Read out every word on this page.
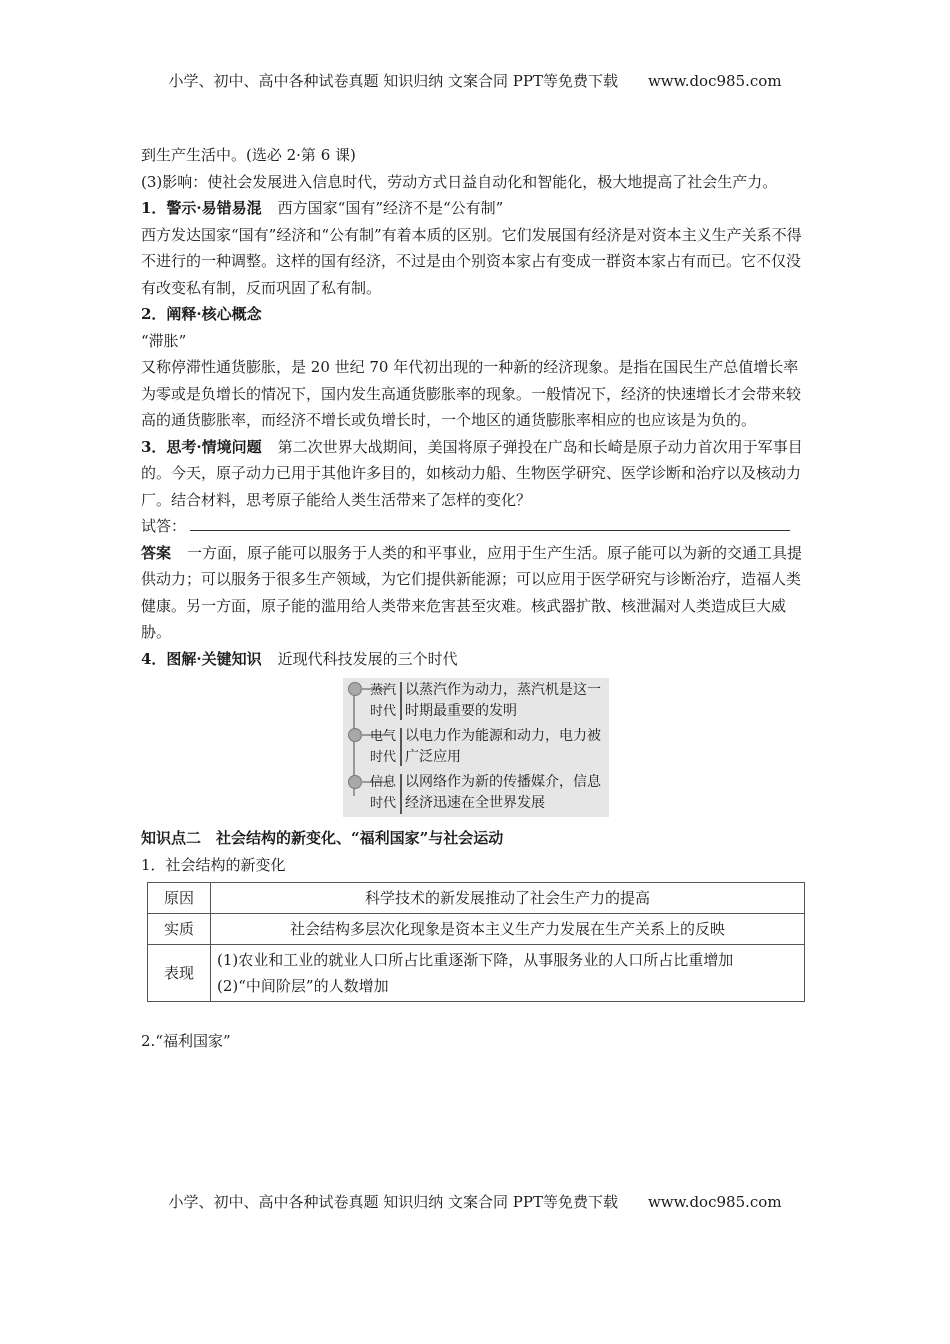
小学、初中、高中各种试卷真题 知识归纳 文案合同 PPT等免费下载 www.doc985.com

到生产生活中。(选必 2·第 6 课)

(3)影响：使社会发展进入信息时代，劳动方式日益自动化和智能化，极大地提高了社会生产力。

1．警示·易错易混 西方国家“国有”经济不是“公有制”

西方发达国家“国有”经济和“公有制”有着本质的区别。它们发展国有经济是对资本主义生产关系不得不进行的一种调整。这样的国有经济，不过是由个别资本家占有变成一群资本家占有而已。它不仅没有改变私有制，反而巩固了私有制。

2．阐释·核心概念

“滞胀”

又称停滞性通货膨胀，是 20 世纪 70 年代初出现的一种新的经济现象。是指在国民生产总值增长率为零或是负增长的情况下，国内发生高通货膨胀率的现象。一般情况下，经济的快速增长才会带来较高的通货膨胀率，而经济不增长或负增长时，一个地区的通货膨胀率相应的也应该是为负的。

3．思考·情境问题 第二次世界大战期间，美国将原子弹投在广岛和长崎是原子动力首次用于军事目的。今天，原子动力已用于其他许多目的，如核动力船、生物医学研究、医学诊断和治疗以及核动力厂。结合材料，思考原子能给人类生活带来了怎样的变化？

试答：

答案 一方面，原子能可以服务于人类的和平事业，应用于生产生活。原子能可以为新的交通工具提供动力；可以服务于很多生产领域，为它们提供新能源；可以应用于医学研究与诊断治疗，造福人类健康。另一方面，原子能的滥用给人类带来危害甚至灾难。核武器扩散、核泄漏对人类造成巨大威胁。

4．图解·关键知识 近现代科技发展的三个时代

蒸汽
时代
以蒸汽作为动力，蒸汽机是这一时期最重要的发明
电气
时代
以电力作为能源和动力，电力被广泛应用
信息
时代
以网络作为新的传播媒介，信息经济迅速在全世界发展

知识点二　社会结构的新变化、“福利国家”与社会运动

1．社会结构的新变化

原因	科学技术的新发展推动了社会生产力的提高
实质	社会结构多层次化现象是资本主义生产力发展在生产关系上的反映
表现	(1)农业和工业的就业人口所占比重逐渐下降，从事服务业的人口所占比重增加
(2)“中间阶层”的人数增加

2.“福利国家”

小学、初中、高中各种试卷真题 知识归纳 文案合同 PPT等免费下载 www.doc985.com
